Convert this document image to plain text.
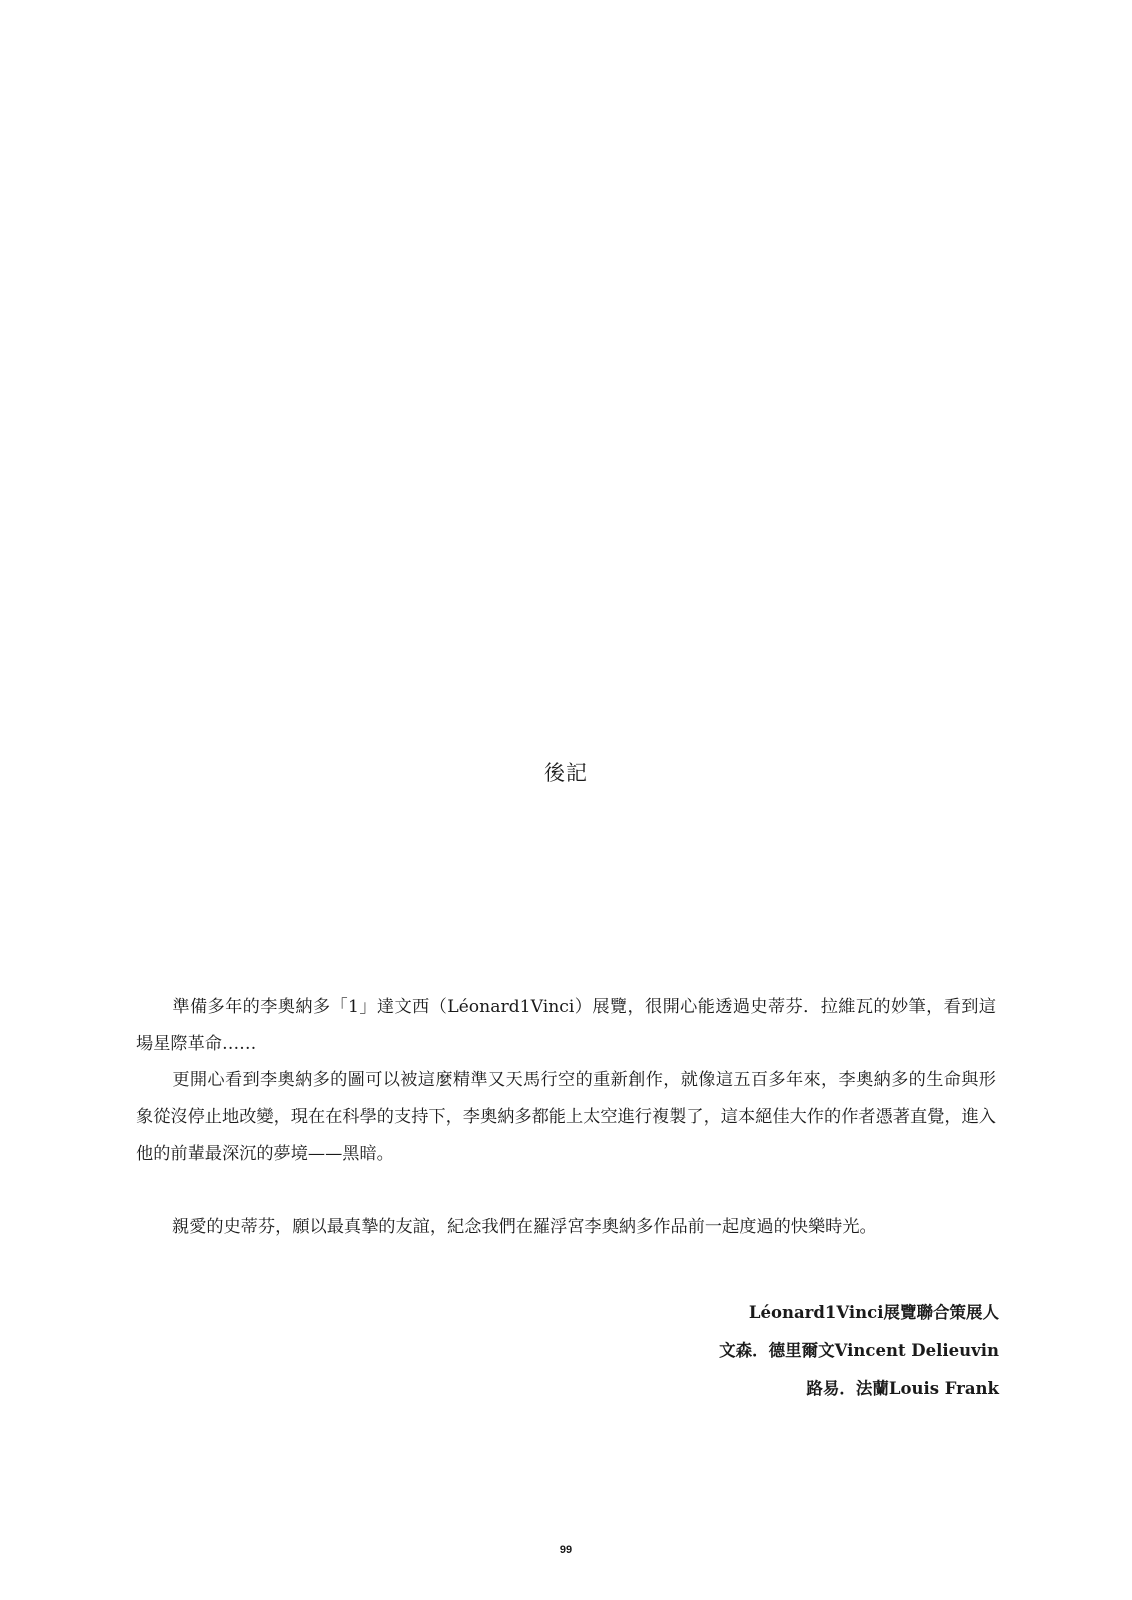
後記

準備多年的李奧納多「1」達文西（Léonard1Vinci）展覽，很開心能透過史蒂芬．拉維瓦的妙筆，看到這場星際革命……

更開心看到李奧納多的圖可以被這麼精準又天馬行空的重新創作，就像這五百多年來，李奧納多的生命與形象從沒停止地改變，現在在科學的支持下，李奧納多都能上太空進行複製了，這本絕佳大作的作者憑著直覺，進入他的前輩最深沉的夢境——黑暗。

親愛的史蒂芬，願以最真摯的友誼，紀念我們在羅浮宮李奧納多作品前一起度過的快樂時光。

Léonard1Vinci展覽聯合策展人
文森．德里爾文Vincent Delieuvin
路易．法蘭Louis Frank
99
